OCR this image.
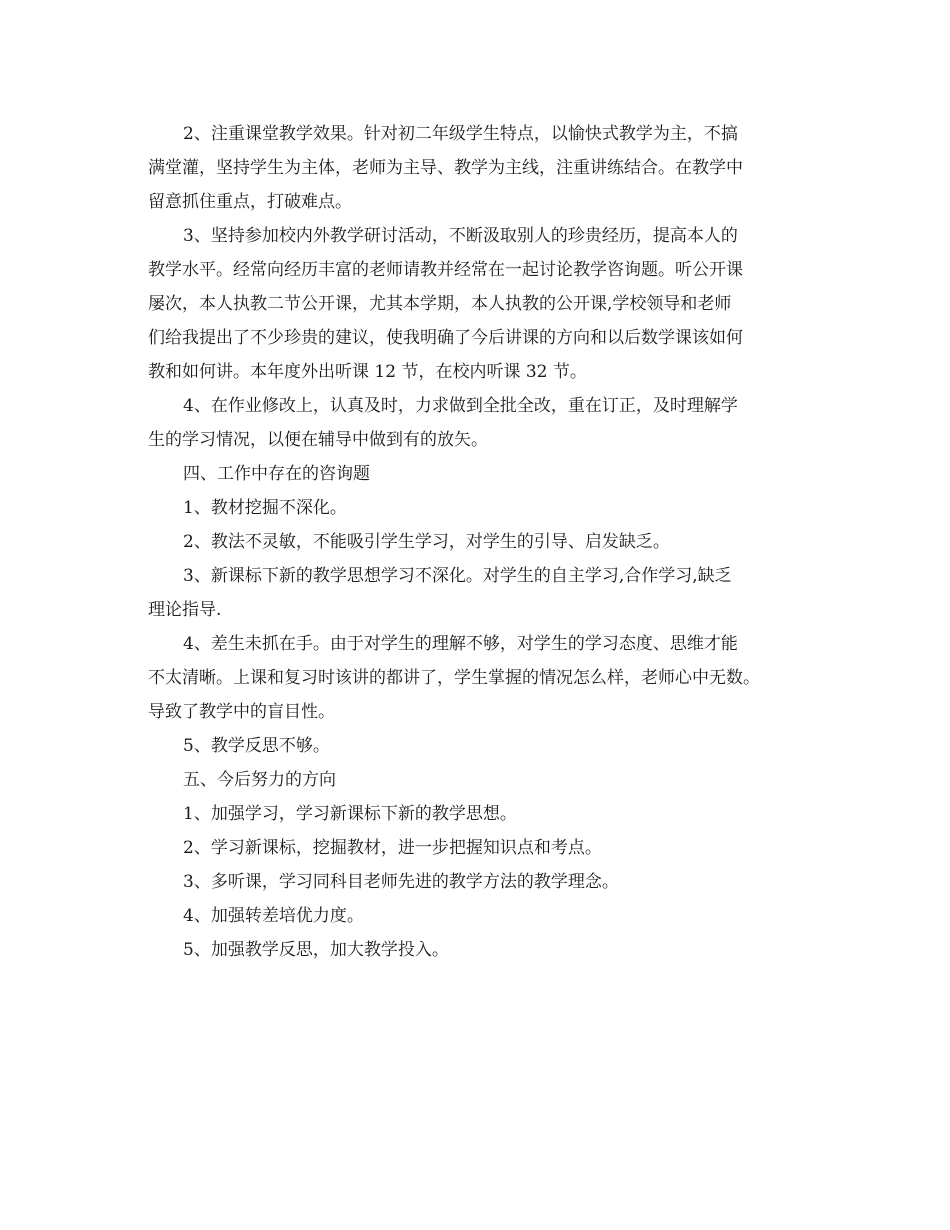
2、注重课堂教学效果。针对初二年级学生特点，以愉快式教学为主，不搞
满堂灌，坚持学生为主体，老师为主导、教学为主线，注重讲练结合。在教学中
留意抓住重点，打破难点。
3、坚持参加校内外教学研讨活动，不断汲取别人的珍贵经历，提高本人的
教学水平。经常向经历丰富的老师请教并经常在一起讨论教学咨询题。听公开课
屡次，本人执教二节公开课，尤其本学期，本人执教的公开课,学校领导和老师
们给我提出了不少珍贵的建议，使我明确了今后讲课的方向和以后数学课该如何
教和如何讲。本年度外出听课 12 节，在校内听课 32 节。
4、在作业修改上，认真及时，力求做到全批全改，重在订正，及时理解学
生的学习情况，以便在辅导中做到有的放矢。
四、工作中存在的咨询题
1、教材挖掘不深化。
2、教法不灵敏，不能吸引学生学习，对学生的引导、启发缺乏。
3、新课标下新的教学思想学习不深化。对学生的自主学习,合作学习,缺乏
理论指导.
4、差生未抓在手。由于对学生的理解不够，对学生的学习态度、思维才能
不太清晰。上课和复习时该讲的都讲了，学生掌握的情况怎么样，老师心中无数。
导致了教学中的盲目性。
5、教学反思不够。
五、今后努力的方向
1、加强学习，学习新课标下新的教学思想。
2、学习新课标，挖掘教材，进一步把握知识点和考点。
3、多听课，学习同科目老师先进的教学方法的教学理念。
4、加强转差培优力度。
5、加强教学反思，加大教学投入。
